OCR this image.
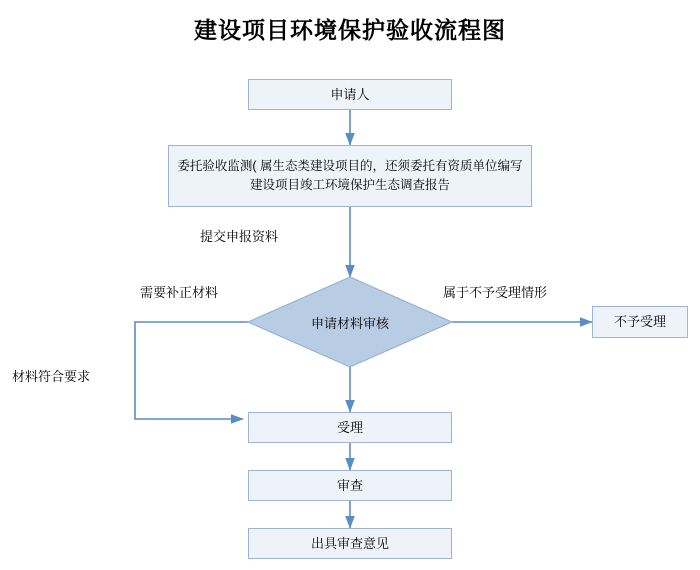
建设项目环境保护验收流程图
申请人
委托验收监测( 属生态类建设项目的，还须委托有资质单位编写建设项目竣工环境保护生态调查报告
申请材料审核	不予受理
受理
审查
出具审查意见
提交申报资料
需要补正材料	属于不予受理情形
材料符合要求
